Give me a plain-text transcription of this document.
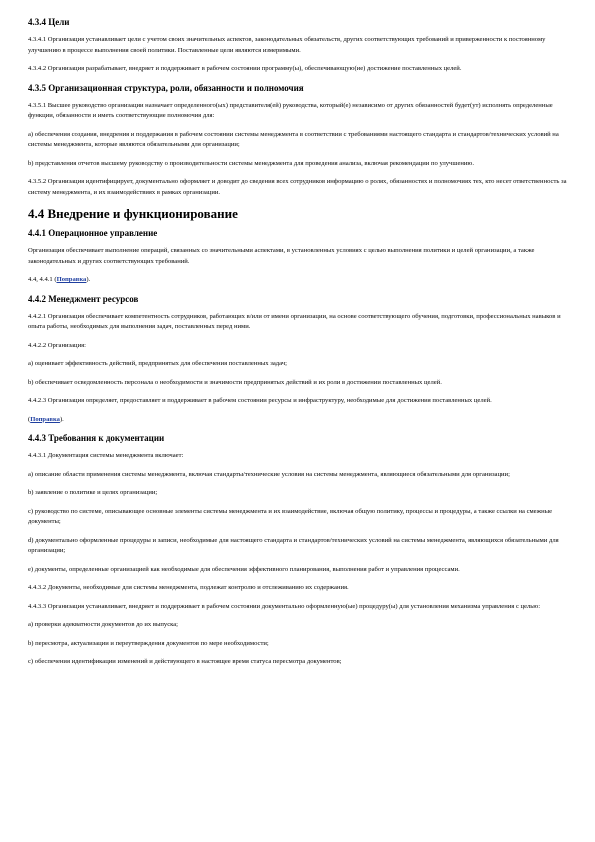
4.3.4 Цели
4.3.4.1 Организация устанавливает цели с учетом своих значительных аспектов, законодательных обязательств, других соответствующих требований и приверженности к постоянному улучшению в процессе выполнения своей политики. Поставленные цели являются измеримыми.
4.3.4.2 Организация разрабатывает, внедряет и поддерживает в рабочем состоянии программу(ы), обеспечивающую(ие) достижение поставленных целей.
4.3.5 Организационная структура, роли, обязанности и полномочия
4.3.5.1 Высшее руководство организации назначает определенного(ых) представителя(ей) руководства, который(е) независимо от других обязанностей будет(ут) исполнять определенные функции, обязанности и иметь соответствующие полномочия для:
a) обеспечения создания, внедрения и поддержания в рабочем состоянии системы менеджмента в соответствии с требованиями настоящего стандарта и стандартов/технических условий на системы менеджмента, которые являются обязательными для организации;
b) представления отчетов высшему руководству о производительности системы менеджмента для проведения анализа, включая рекомендации по улучшению.
4.3.5.2 Организация идентифицирует, документально оформляет и доводит до сведения всех сотрудников информацию о ролях, обязанностях и полномочиях тех, кто несет ответственность за систему менеджмента, и их взаимодействиях в рамках организации.
4.4 Внедрение и функционирование
4.4.1 Операционное управление
Организация обеспечивает выполнение операций, связанных со значительными аспектами, в установленных условиях с целью выполнения политики и целей организации, а также законодательных и других соответствующих требований.
4.4, 4.4.1 (Поправка).
4.4.2 Менеджмент ресурсов
4.4.2.1 Организация обеспечивает компетентность сотрудников, работающих в/или от имени организации, на основе соответствующего обучения, подготовки, профессиональных навыков и опыта работы, необходимых для выполнения задач, поставленных перед ними.
4.4.2.2 Организация:
a) оценивает эффективность действий, предпринятых для обеспечения поставленных задач;
b) обеспечивает осведомленность персонала о необходимости и значимости предпринятых действий и их роли в достижении поставленных целей.
4.4.2.3 Организация определяет, предоставляет и поддерживает в рабочем состоянии ресурсы и инфраструктуру, необходимые для достижения поставленных целей.
(Поправка).
4.4.3 Требования к документации
4.4.3.1 Документация системы менеджмента включает:
a) описание области применения системы менеджмента, включая стандарты/технические условия на системы менеджмента, являющиеся обязательными для организации;
b) заявление о политике и целях организации;
c) руководство по системе, описывающее основные элементы системы менеджмента и их взаимодействие, включая общую политику, процессы и процедуры, а также ссылки на смежные документы;
d) документально оформленные процедуры и записи, необходимые для настоящего стандарта и стандартов/технических условий на системы менеджмента, являющихся обязательными для организации;
e) документы, определенные организацией как необходимые для обеспечения эффективного планирования, выполнения работ и управления процессами.
4.4.3.2 Документы, необходимые для системы менеджмента, подлежат контролю и отслеживанию их содержания.
4.4.3.3 Организация устанавливает, внедряет и поддерживает в рабочем состоянии документально оформленную(ые) процедуру(ы) для установления механизма управления с целью:
a) проверки адекватности документов до их выпуска;
b) пересмотра, актуализации и переутверждения документов по мере необходимости;
c) обеспечения идентификации изменений и действующего в настоящее время статуса пересмотра документов;
